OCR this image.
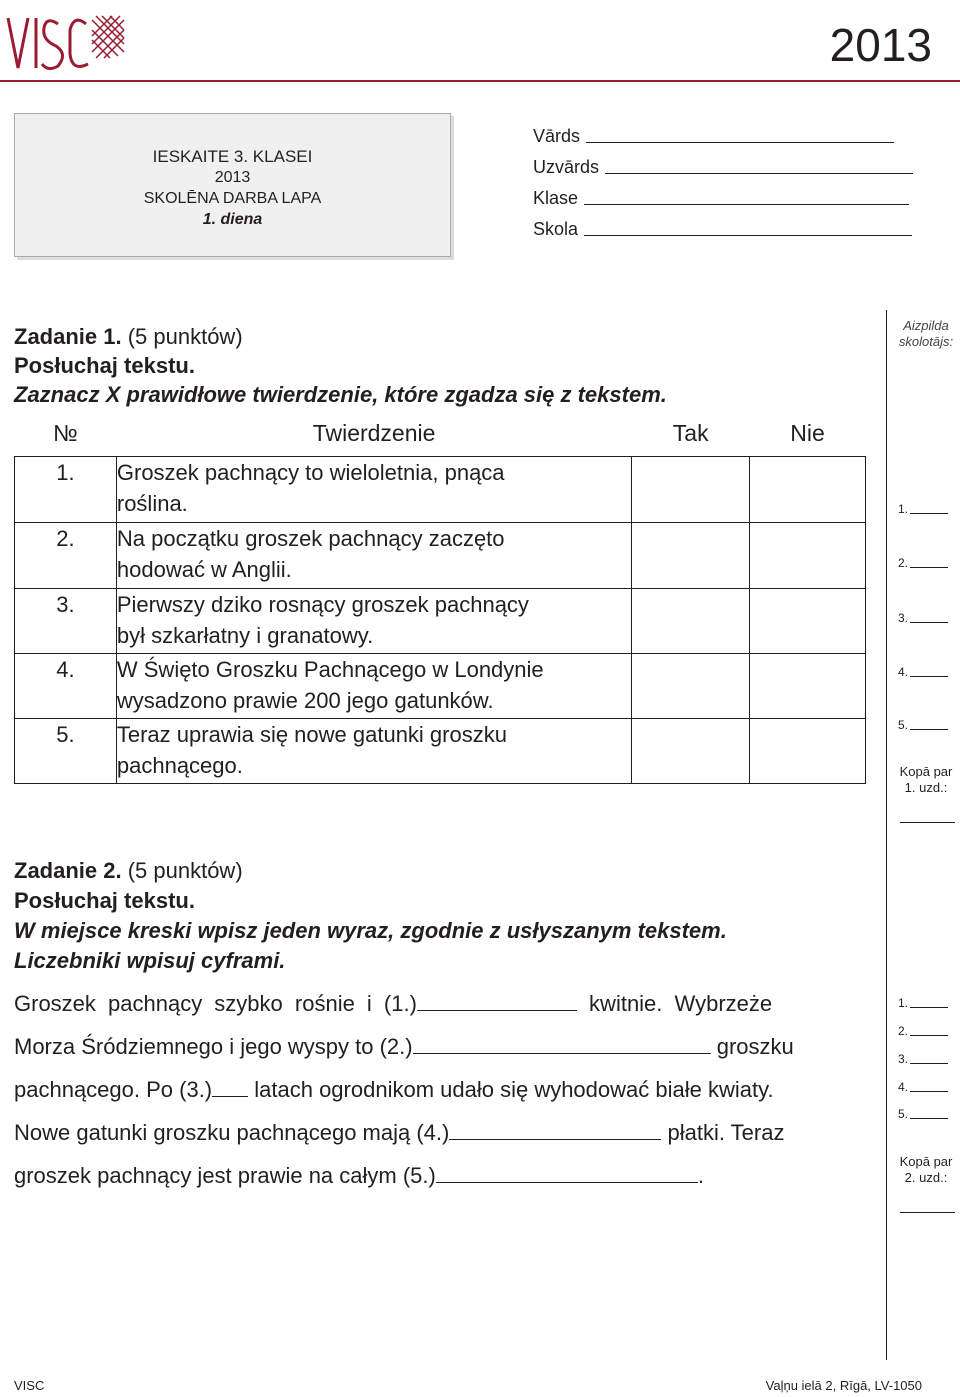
2013
IESKAITE 3. KLASEI
2013
SKOLĒNA DARBA LAPA
1. diena
Vārds
Uzvārds
Klase
Skola
Aizpilda skolotājs:
Zadanie 1. (5 punktów)
Posłuchaj tekstu.
Zaznacz X prawidłowe twierdzenie, które zgadza się z tekstem.
№	Twierdzenie	Tak	Nie
1.	Groszek pachnący to wieloletnia, pnąca
roślina.		

2.	Na początku groszek pachnący zaczęto
hodować w Anglii.		

3.	Pierwszy dziko rosnący groszek pachnący
był szkarłatny i granatowy.		

4.	W Święto Groszku Pachnącego w Londynie
wysadzono prawie 200 jego gatunków.		

5.	Teraz uprawia się nowe gatunki groszku
pachnącego.		

1.
2.
3.
4.
5.
Kopā par
1. uzd.:
Zadanie 2. (5 punktów)
Posłuchaj tekstu.
W miejsce kreski wpisz jeden wyraz, zgodnie z usłyszanym tekstem.
Liczebniki wpisuj cyframi.
Groszek pachnący szybko rośnie i (1.)	kwitnie. Wybrzeże
Morza Śródziemnego i jego wyspy to (2.)	groszku
pachnącego. Po (3.) latach ogrodnikom udało się wyhodować białe kwiaty.
Nowe gatunki groszku pachnącego mają (4.)	płatki. Teraz
groszek pachnący jest prawie na całym (5.)	.
1.
2.
3.
4.
5.
Kopā par
2. uzd.:
VISC	Vaļņu ielā 2, Rīgā, LV-1050
